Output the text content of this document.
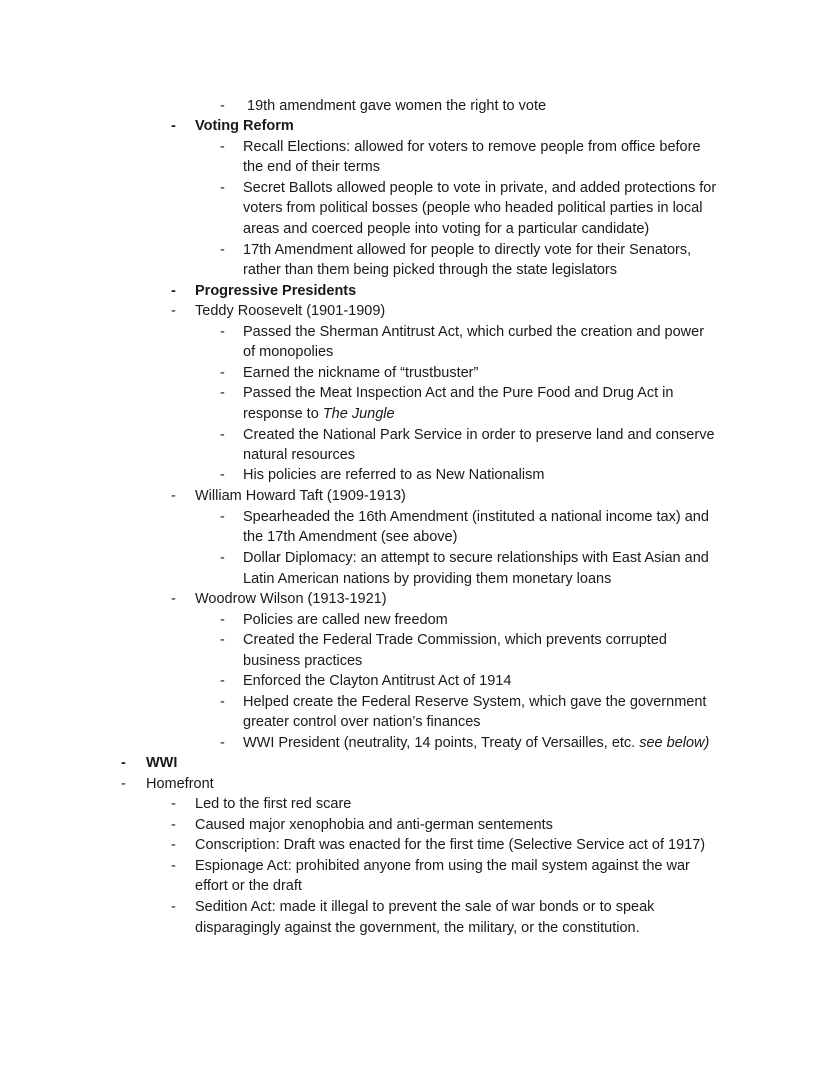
- 19th amendment gave women the right to vote
- Voting Reform
- Recall Elections: allowed for voters to remove people from office before
the end of their terms
- Secret Ballots allowed people to vote in private, and added protections for
voters from political bosses (people who headed political parties in local
areas and coerced people into voting for a particular candidate)
- 17th Amendment allowed for people to directly vote for their Senators,
rather than them being picked through the state legislators
- Progressive Presidents
- Teddy Roosevelt (1901-1909)
- Passed the Sherman Antitrust Act, which curbed the creation and power
of monopolies
- Earned the nickname of “trustbuster”
- Passed the Meat Inspection Act and the Pure Food and Drug Act in
response to The Jungle
- Created the National Park Service in order to preserve land and conserve
natural resources
- His policies are referred to as New Nationalism
- William Howard Taft (1909-1913)
- Spearheaded the 16th Amendment (instituted a national income tax) and
the 17th Amendment (see above)
- Dollar Diplomacy: an attempt to secure relationships with East Asian and
Latin American nations by providing them monetary loans
- Woodrow Wilson (1913-1921)
- Policies are called new freedom
- Created the Federal Trade Commission, which prevents corrupted
business practices
- Enforced the Clayton Antitrust Act of 1914
- Helped create the Federal Reserve System, which gave the government
greater control over nation’s finances
- WWI President (neutrality, 14 points, Treaty of Versailles, etc. see below)
- WWI
- Homefront
- Led to the first red scare
- Caused major xenophobia and anti-german sentements
- Conscription: Draft was enacted for the first time (Selective Service act of 1917)
- Espionage Act: prohibited anyone from using the mail system against the war
effort or the draft
- Sedition Act: made it illegal to prevent the sale of war bonds or to speak
disparagingly against the government, the military, or the constitution.
